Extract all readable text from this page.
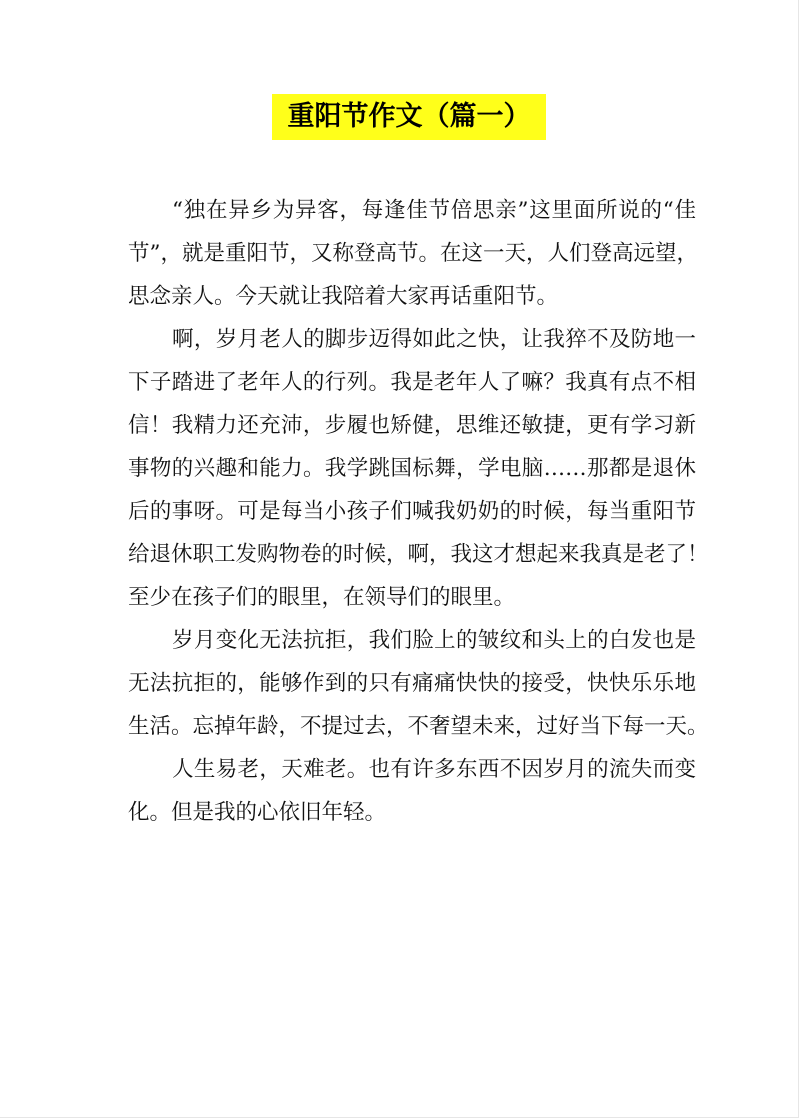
重阳节作文（篇一）
“独在异乡为异客，每逢佳节倍思亲”这里面所说的“佳
节”，就是重阳节，又称登高节。在这一天，人们登高远望，
思念亲人。今天就让我陪着大家再话重阳节。
啊，岁月老人的脚步迈得如此之快，让我猝不及防地一
下子踏进了老年人的行列。我是老年人了嘛？我真有点不相
信！我精力还充沛，步履也矫健，思维还敏捷，更有学习新
事物的兴趣和能力。我学跳国标舞，学电脑……那都是退休
后的事呀。可是每当小孩子们喊我奶奶的时候，每当重阳节
给退休职工发购物卷的时候，啊，我这才想起来我真是老了！
至少在孩子们的眼里，在领导们的眼里。
岁月变化无法抗拒，我们脸上的皱纹和头上的白发也是
无法抗拒的，能够作到的只有痛痛快快的接受，快快乐乐地
生活。忘掉年龄，不提过去，不奢望未来，过好当下每一天。
人生易老，天难老。也有许多东西不因岁月的流失而变
化。但是我的心依旧年轻。
